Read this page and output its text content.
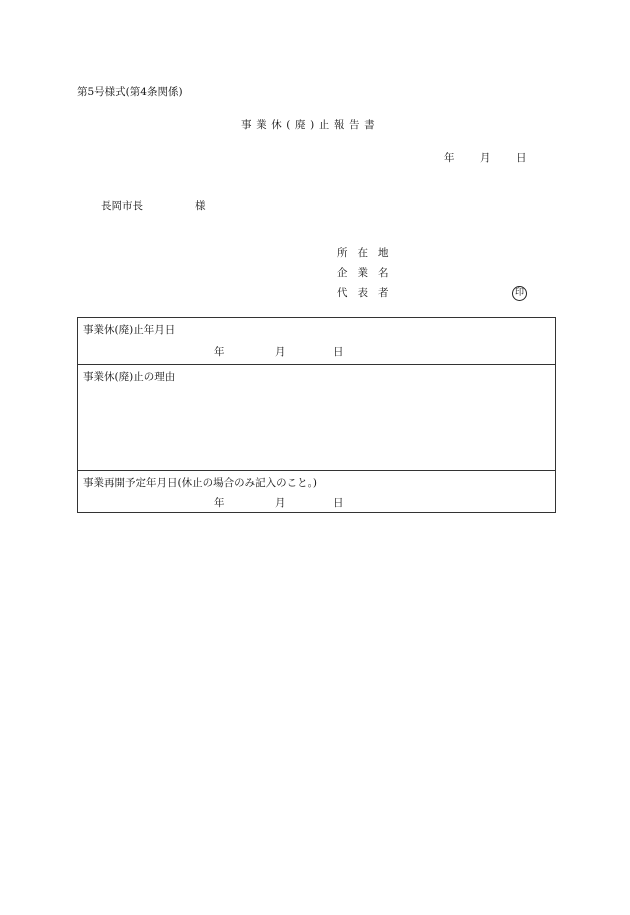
第5号様式(第4条関係)
事業休(廃)止報告書
年 月 日
長岡市長	様
所在地
企業名
代表者	印
事業休(廃)止年月日
年	月	日
事業休(廃)止の理由
事業再開予定年月日(休止の場合のみ記入のこと。)
年	月	日
